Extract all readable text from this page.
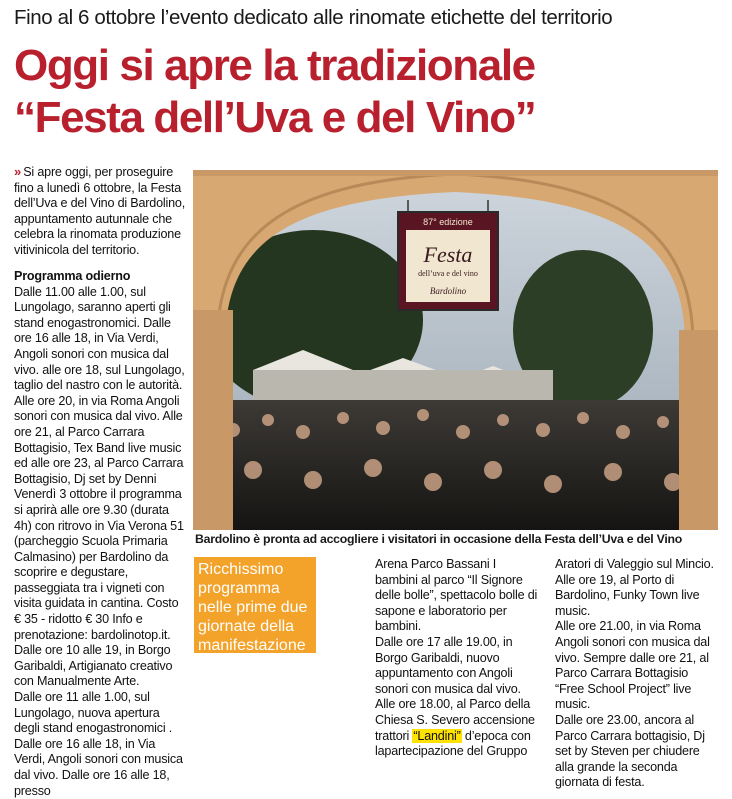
Fino al 6 ottobre l’evento dedicato alle rinomate etichette del territorio
Oggi si apre la tradizionale
“Festa dell’Uva e del Vino”

» Si apre oggi, per proseguire fino a lunedì 6 ottobre, la Festa dell’Uva e del Vino di Bardolino, appuntamento autunnale che celebra la rinomata produzione vitivinicola del territorio.

Programma odierno

Dalle 11.00 alle 1.00, sul Lungolago, saranno aperti gli stand enogastronomici. Dalle ore 16 alle 18, in Via Verdi, Angoli sonori con musica dal vivo. alle ore 18, sul Lungolago, taglio del nastro con le autorità. Alle ore 20, in via Roma Angoli sonori con musica dal vivo. Alle ore 21, al Parco Carrara Bottagisio, Tex Band live music ed alle ore 23, al Parco Carrara Bottagisio, Dj set by Denni

Venerdì 3 ottobre il programma si aprirà alle ore 9.30 (durata 4h) con ritrovo in Via Verona 51 (parcheggio Scuola Primaria Calmasino) per Bardolino da scoprire e degustare, passeggiata tra i vigneti con visita guidata in cantina. Costo € 35 - ridotto € 30 Info e prenotazione: bardolinotop.it.

Dalle ore 10 alle 19, in Borgo Garibaldi, Artigianato creativo con Manualmente Arte.

Dalle ore 11 alle 1.00, sul Lungolago, nuova apertura degli stand enogastronomici .

Dalle ore 16 alle 18, in Via Verdi, Angoli sonori con musica dal vivo. Dalle ore 16 alle 18, presso

87° edizione
Festa
dell’uva e del vino
Bardolino
Bardolino è pronta ad accogliere i visitatori in occasione della Festa dell’Uva e del Vino
Ricchissimo programma nelle prime due giornate della manifestazione

Arena Parco Bassani I bambini al parco “Il Signore delle bolle”, spettacolo bolle di sapone e laboratorio per bambini.

Dalle ore 17 alle 19.00, in Borgo Garibaldi, nuovo appuntamento con Angoli sonori con musica dal vivo.

Alle ore 18.00, al Parco della Chiesa S. Severo accensione trattori “Landini” d’epoca con lapartecipazione del Gruppo

Aratori di Valeggio sul Mincio.

Alle ore 19, al Porto di Bardolino, Funky Town live music.

Alle ore 21.00, in via Roma Angoli sonori con musica dal vivo. Sempre dalle ore 21, al Parco Carrara Bottagisio “Free School Project” live music.

Dalle ore 23.00, ancora al Parco Carrara bottagisio, Dj set by Steven per chiudere alla grande la seconda giornata di festa.
